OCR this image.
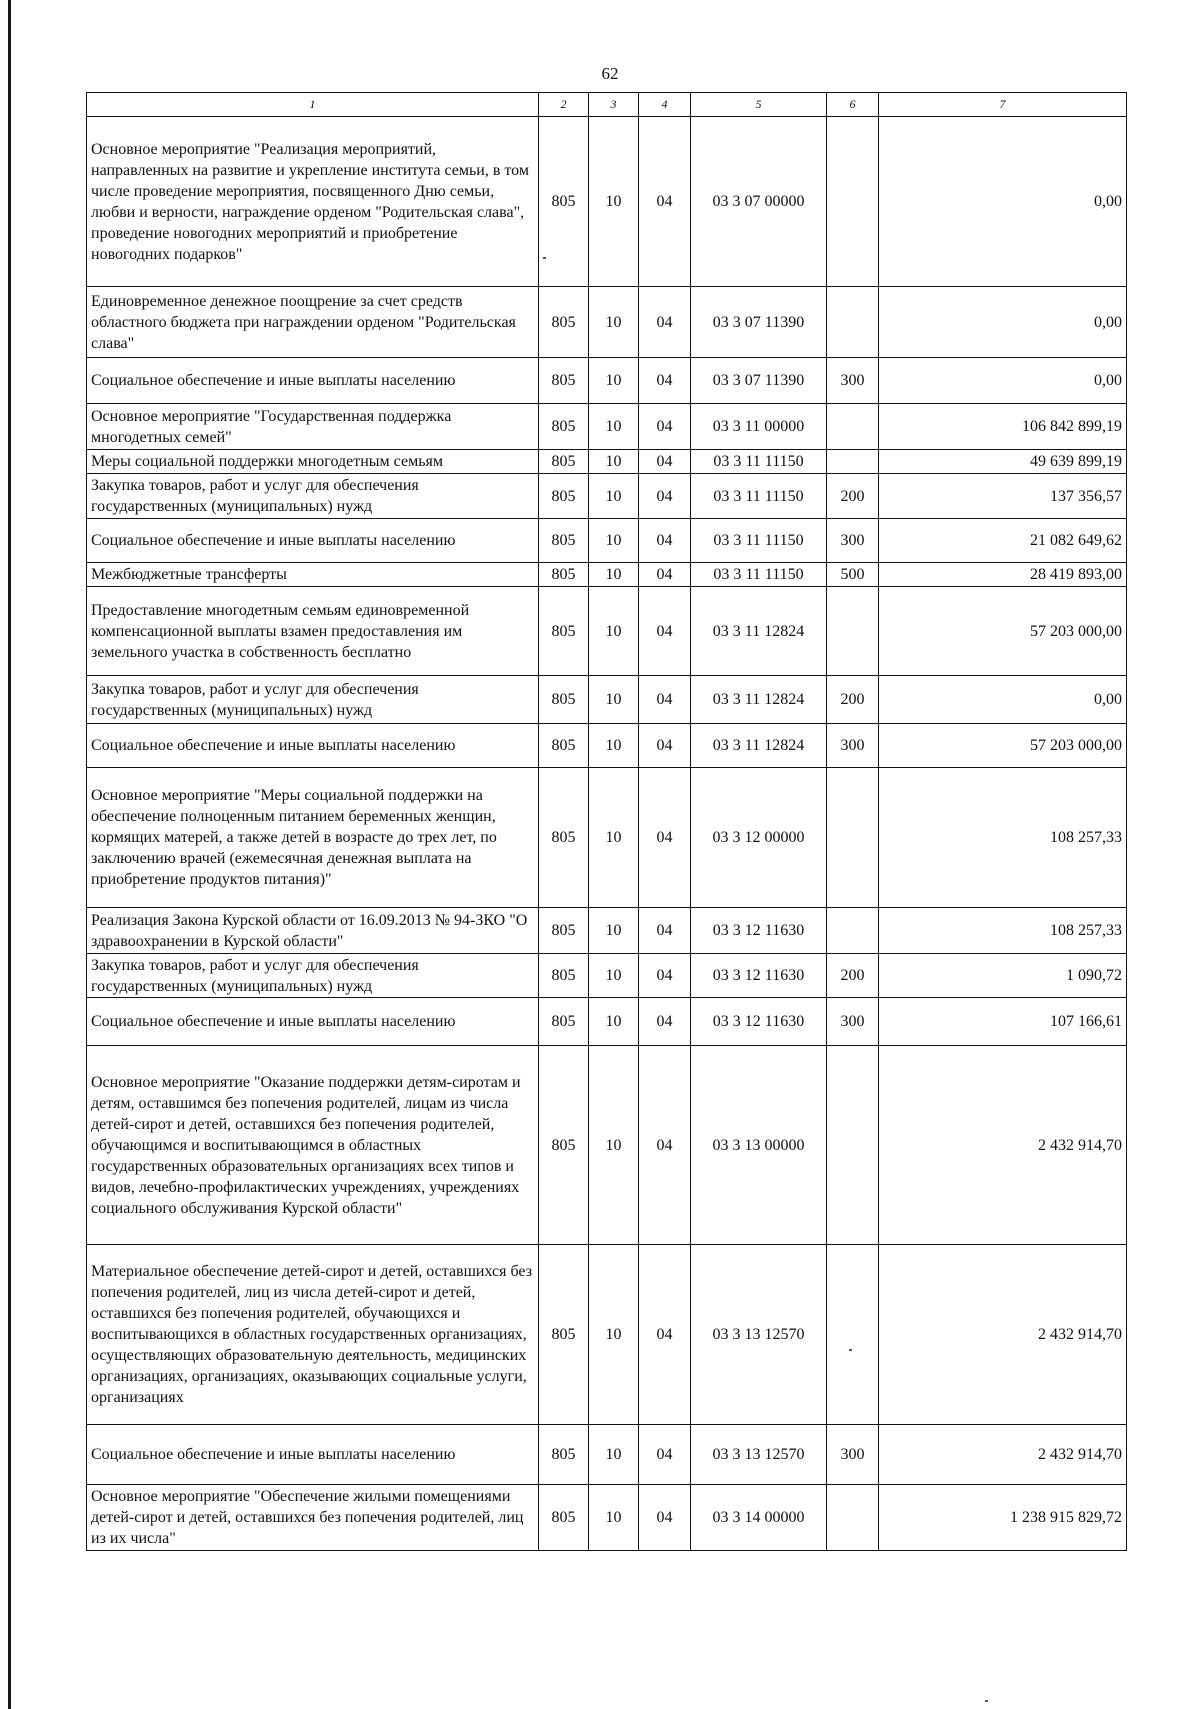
62
1	2	3	4	5	6	7
Основное мероприятие "Реализация мероприятий, направленных на развитие и укрепление института семьи, в том числе проведение мероприятия, посвященного Дню семьи, любви и верности, награждение орденом "Родительская слава", проведение новогодних мероприятий и приобретение новогодних подарков"	805	10	04	03 3 07 00000		0,00
Единовременное денежное поощрение за счет средств областного бюджета при награждении орденом "Родительская слава"	805	10	04	03 3 07 11390		0,00
Социальное обеспечение и иные выплаты населению	805	10	04	03 3 07 11390	300	0,00
Основное мероприятие "Государственная поддержка многодетных семей"	805	10	04	03 3 11 00000		106 842 899,19
Меры социальной поддержки многодетным семьям	805	10	04	03 3 11 11150		49 639 899,19
Закупка товаров, работ и услуг для обеспечения государственных (муниципальных) нужд	805	10	04	03 3 11 11150	200	137 356,57
Социальное обеспечение и иные выплаты населению	805	10	04	03 3 11 11150	300	21 082 649,62
Межбюджетные трансферты	805	10	04	03 3 11 11150	500	28 419 893,00
Предоставление многодетным семьям единовременной компенсационной выплаты взамен предоставления им земельного участка в собственность бесплатно	805	10	04	03 3 11 12824		57 203 000,00
Закупка товаров, работ и услуг для обеспечения государственных (муниципальных) нужд	805	10	04	03 3 11 12824	200	0,00
Социальное обеспечение и иные выплаты населению	805	10	04	03 3 11 12824	300	57 203 000,00
Основное мероприятие "Меры социальной поддержки на обеспечение полноценным питанием беременных женщин, кормящих матерей, а также детей в возрасте до трех лет, по заключению врачей (ежемесячная денежная выплата на приобретение продуктов питания)"	805	10	04	03 3 12 00000		108 257,33
Реализация Закона Курской области от 16.09.2013 № 94-ЗКО "О здравоохранении в Курской области"	805	10	04	03 3 12 11630		108 257,33
Закупка товаров, работ и услуг для обеспечения государственных (муниципальных) нужд	805	10	04	03 3 12 11630	200	1 090,72
Социальное обеспечение и иные выплаты населению	805	10	04	03 3 12 11630	300	107 166,61
Основное мероприятие "Оказание поддержки детям-сиротам и детям, оставшимся без попечения родителей, лицам из числа детей-сирот и детей, оставшихся без попечения родителей, обучающимся и воспитывающимся в областных государственных образовательных организациях всех типов и видов, лечебно-профилактических учреждениях, учреждениях социального обслуживания Курской области"	805	10	04	03 3 13 00000		2 432 914,70
Материальное обеспечение детей-сирот и детей, оставшихся без попечения родителей, лиц из числа детей-сирот и детей, оставшихся без попечения родителей, обучающихся и воспитывающихся в областных государственных организациях, осуществляющих образовательную деятельность, медицинских организациях, организациях, оказывающих социальные услуги, организациях	805	10	04	03 3 13 12570		2 432 914,70
Социальное обеспечение и иные выплаты населению	805	10	04	03 3 13 12570	300	2 432 914,70
Основное мероприятие "Обеспечение жилыми помещениями детей-сирот и детей, оставшихся без попечения родителей, лиц из их числа"	805	10	04	03 3 14 00000		1 238 915 829,72
